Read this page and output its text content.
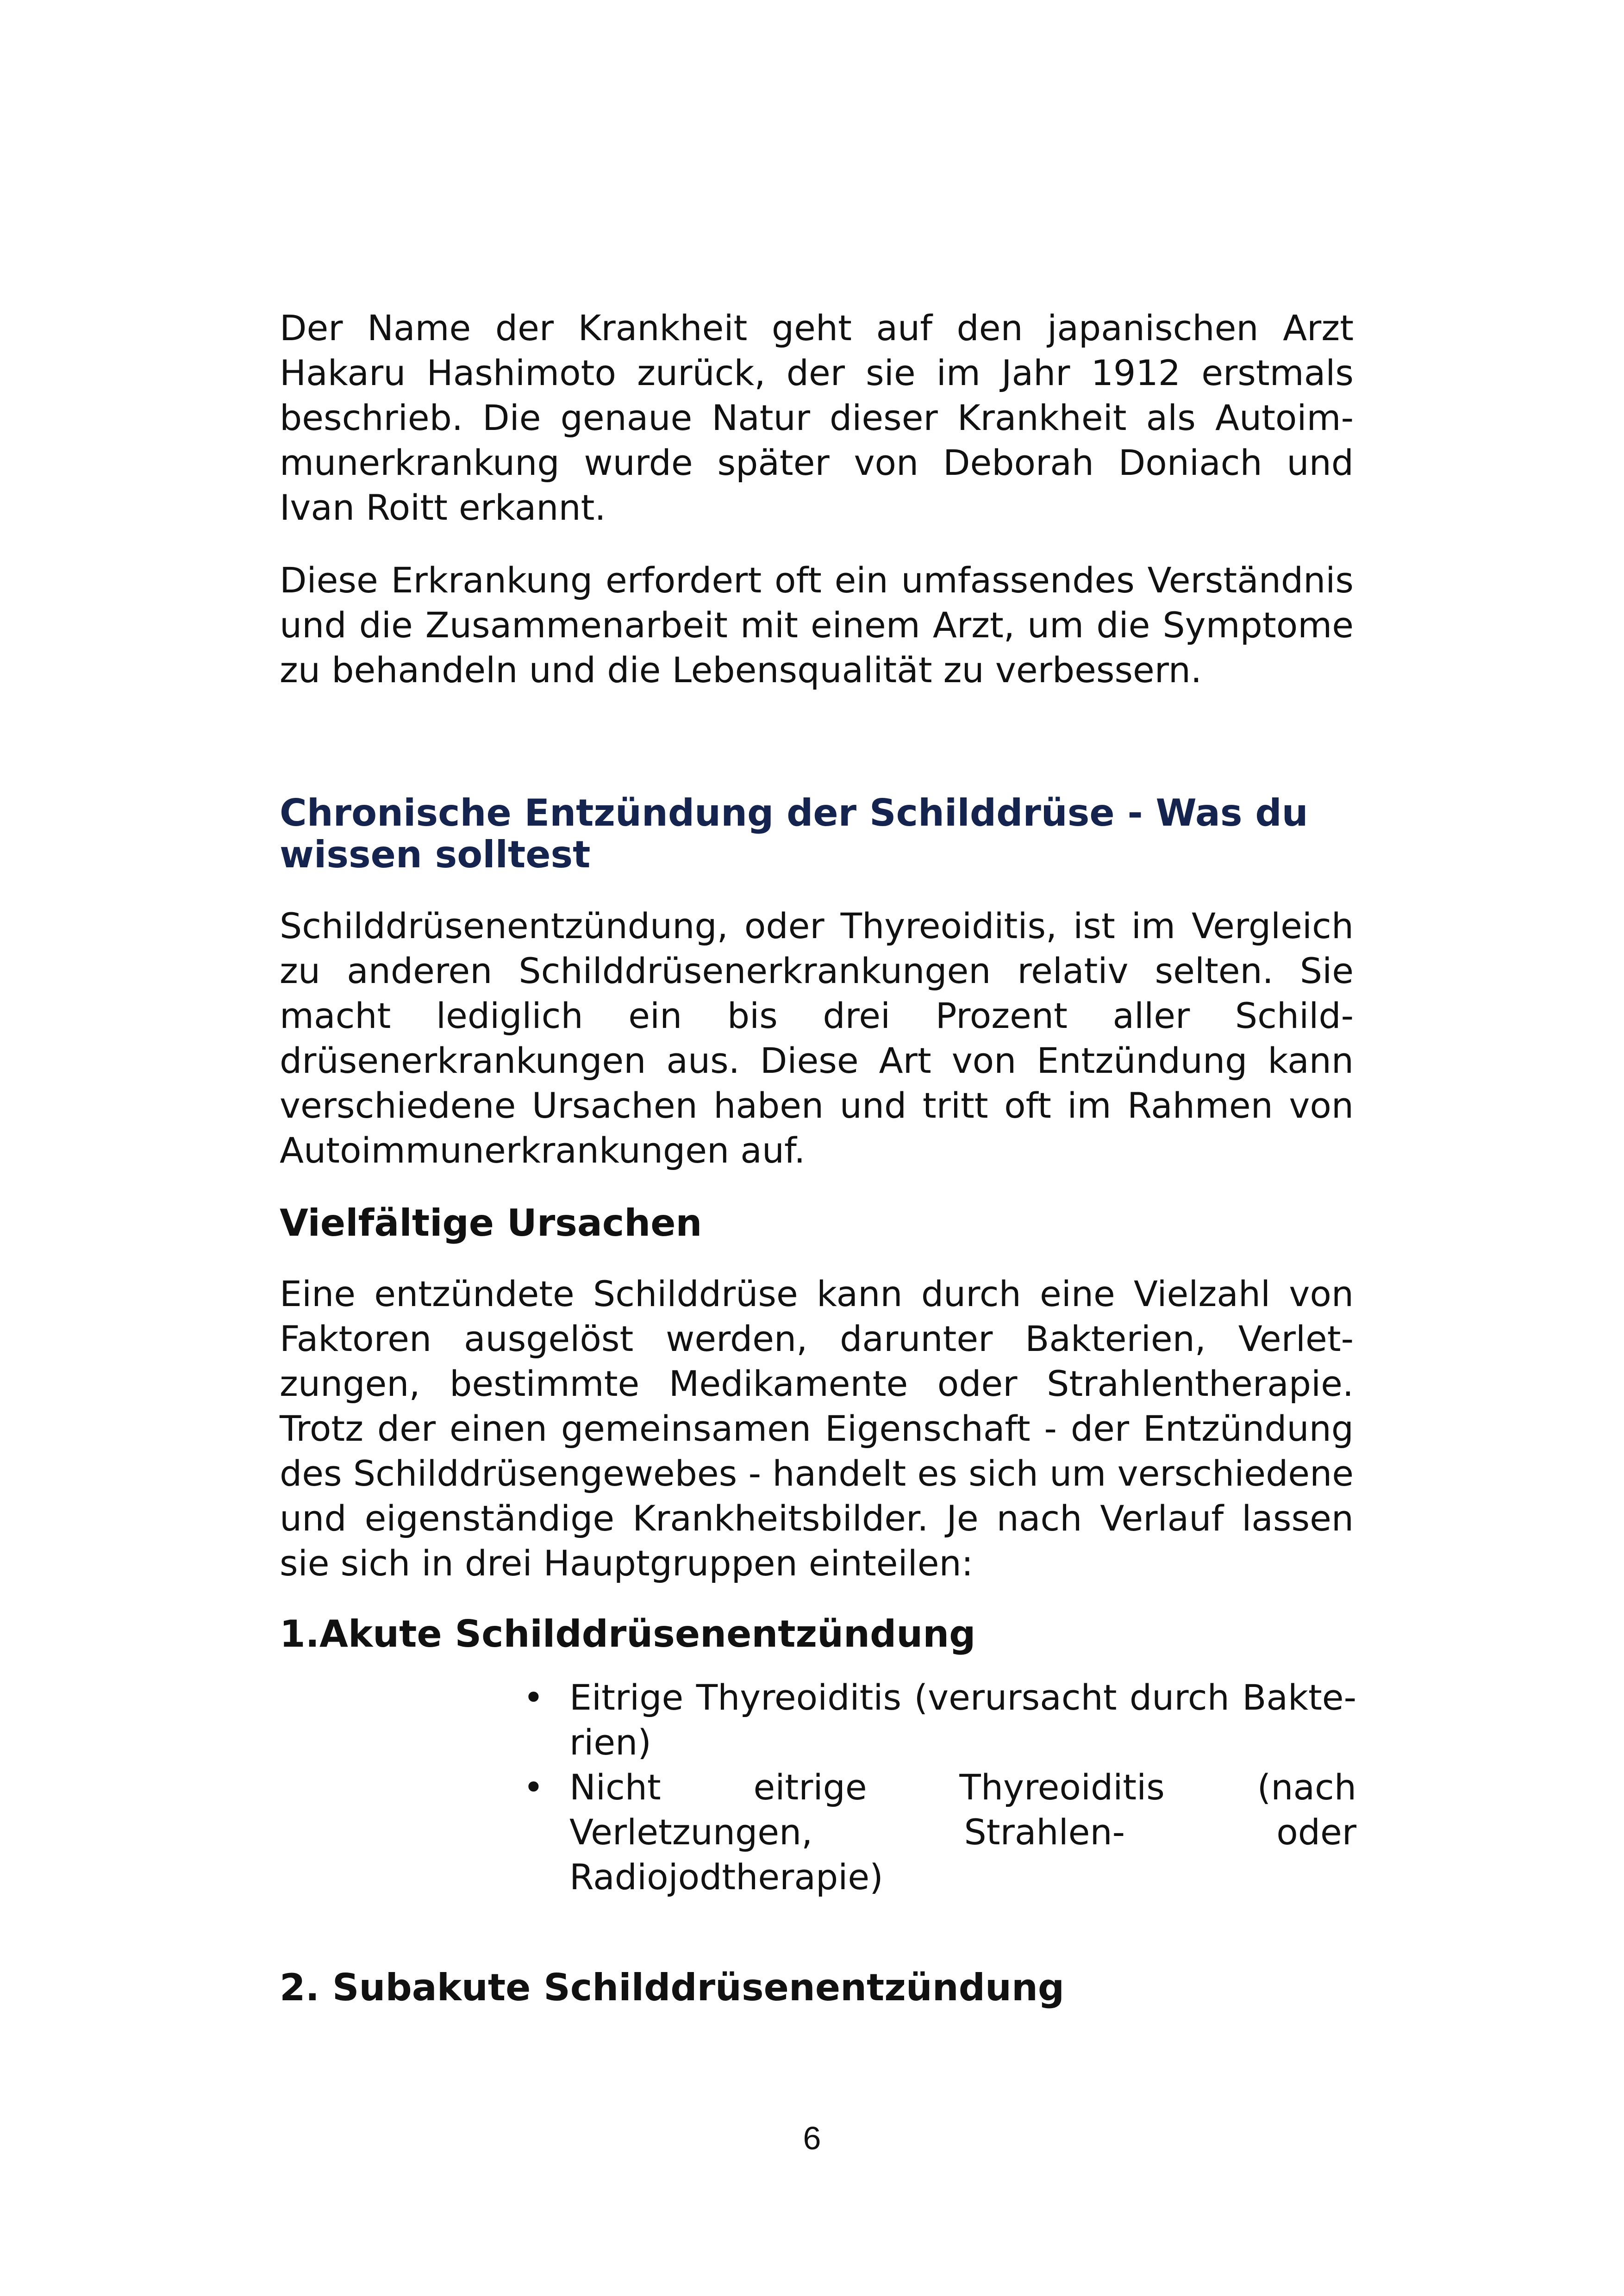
Der Name der Krankheit geht auf den japanischen Arzt Hakaru Hashimoto zurück, der sie im Jahr 1912 erstmals beschrieb. Die genaue Natur dieser Krankheit als Autoimmunerkrankung wurde später von Deborah Doniach und Ivan Roitt erkannt.

Diese Erkrankung erfordert oft ein umfassendes Verständnis und die Zusammenarbeit mit einem Arzt, um die Symptome zu behandeln und die Lebensqualität zu verbessern.

Chronische Entzündung der Schilddrüse - Was du wissen solltest

Schilddrüsenentzündung, oder Thyreoiditis, ist im Vergleich zu anderen Schilddrüsenerkrankungen relativ selten. Sie macht lediglich ein bis drei Prozent aller Schilddrüsenerkrankungen aus. Diese Art von Entzündung kann verschiedene Ursachen haben und tritt oft im Rahmen von Autoimmunerkrankungen auf.

Vielfältige Ursachen

Eine entzündete Schilddrüse kann durch eine Vielzahl von Faktoren ausgelöst werden, darunter Bakterien, Verletzungen, bestimmte Medikamente oder Strahlentherapie. Trotz der einen gemeinsamen Eigenschaft - der Entzündung des Schilddrüsengewebes - handelt es sich um verschiedene und eigenständige Krankheitsbilder. Je nach Verlauf lassen sie sich in drei Hauptgruppen einteilen:

1.Akute Schilddrüsenentzündung
• Eitrige Thyreoiditis (verursacht durch Bakterien)
• Nicht eitrige Thyreoiditis (nach Verletzungen, Strahlen- oder Radiojodtherapie)
2. Subakute Schilddrüsenentzündung
6
